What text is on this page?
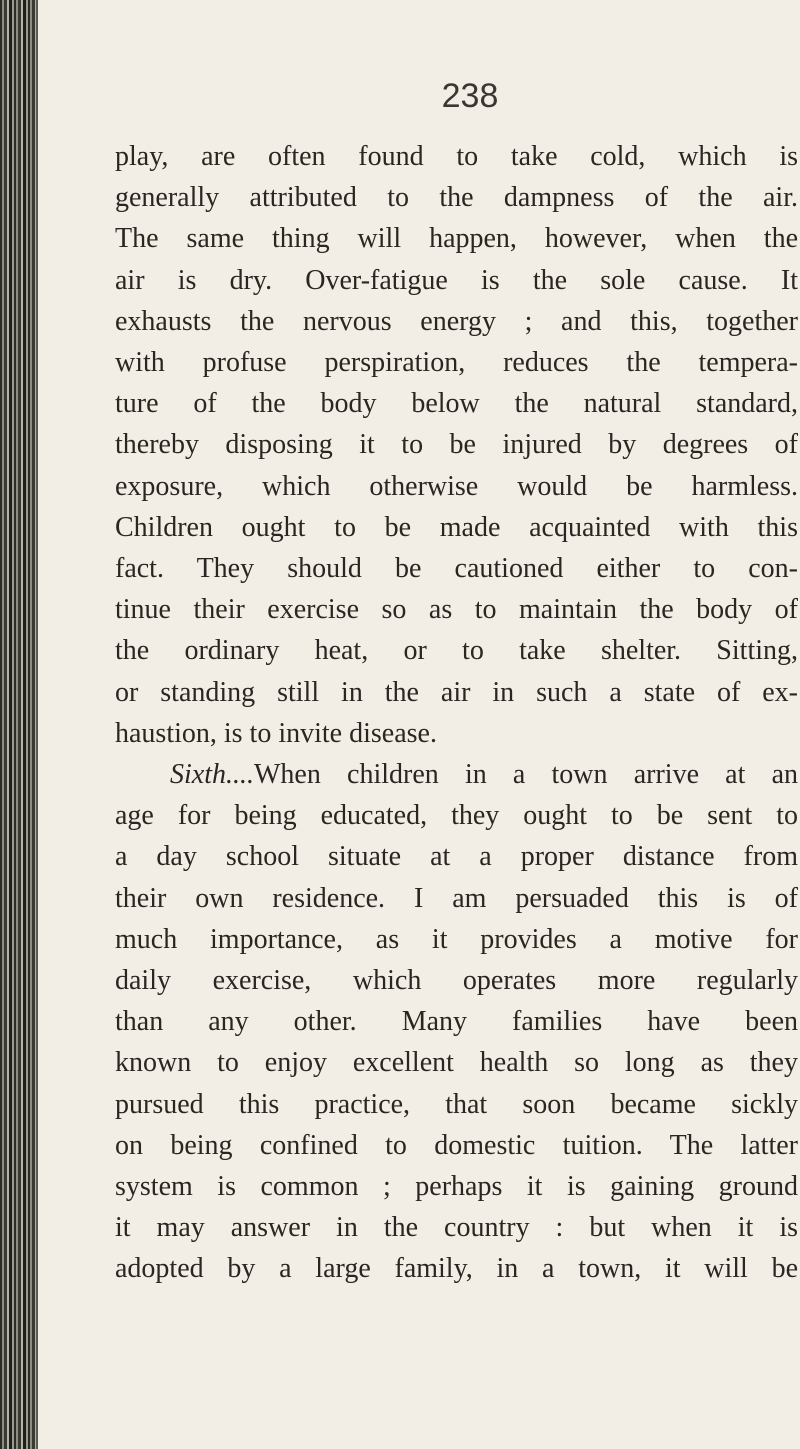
238
play, are often found to take cold, which is
generally attributed to the dampness of the air.
The same thing will happen, however, when the
air is dry. Over-fatigue is the sole cause. It
exhausts the nervous energy ; and this, together
with profuse perspiration, reduces the tempera-
ture of the body below the natural standard,
thereby disposing it to be injured by degrees of
exposure, which otherwise would be harmless.
Children ought to be made acquainted with this
fact. They should be cautioned either to con-
tinue their exercise so as to maintain the body of
the ordinary heat, or to take shelter. Sitting,
or standing still in the air in such a state of ex-
haustion, is to invite disease.
Sixth....When children in a town arrive at an
age for being educated, they ought to be sent to
a day school situate at a proper distance from
their own residence. I am persuaded this is of
much importance, as it provides a motive for
daily exercise, which operates more regularly
than any other. Many families have been
known to enjoy excellent health so long as they
pursued this practice, that soon became sickly
on being confined to domestic tuition. The latter
system is common ; perhaps it is gaining ground
it may answer in the country : but when it is
adopted by a large family, in a town, it will be
